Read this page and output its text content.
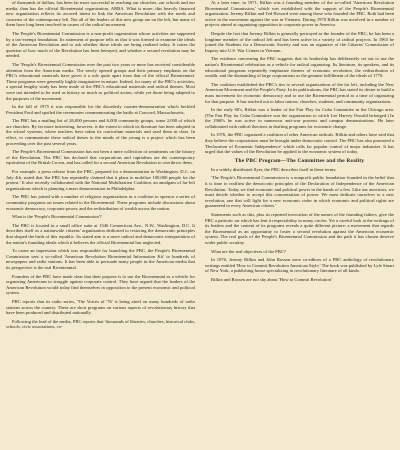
of thousands of dollars, has been far more successful in reaching our churches, our schools and our media, than has the official Bicentennial organization, ARBA. What is more, this heavily financed new organization reflects its avowed intent to link the American Revolution with the needs and concerns of the contemporary left. Not all of the leaders of this new group are on the left, but many of them have long been involved in causes of the radical movement.

The People's Bicentennial Commission is a non-profit organization whose activities are supported by a tax-exempt foundation. Its statement of purpose tells us that it was formed to examine the ideals of the American Revolution and to ask whether those ideals are being realized today. It raises the question of how much of the Revolution has been betrayed, and whether a second revolution may be needed.

The 'People's Bicentennial Commission over the past two years or more has received considerable attention from the American media. The newly opened groups and their primary emphasis on the PBC's educational materials have given it a role quite apart from that of the official Bicentennial. These programs were generally highly imaginative in nature. Indeed, for many of the PBC's activities, a special lengthy study has been made of the PBC's educational materials and radical themes. Most were not intended to be used as history so much as political action, while yet those being adapted to the purposes of the movement.

In the fall of 1975 it was responsible for the disorderly counter-demonstration which heckled President Ford and spoiled the ceremonies commemorating the battle at Concord, Massachusetts.

The PBC has a mailing list of 26,000 persons and 6,000 community groups, some 2,000 of which are churches. By far more interesting, however, is the extent to which its literature has been adopted in the school systems, where teachers have taken its curriculum materials and used them in class. In effect, to communicate these radical theses to the minds of the young is a project which has been proceeding over the past several years.

The People's Bicentennial Commission has not been a mere collection of sentiments on the history of the Revolution. The PBC has declared that corporations and capitalism are the contemporary equivalent of the British Crown, and has called for a second American Revolution to overthrow them.

For example, a press release from the PBC, prepared for a demonstration in Washington, D.C. on July 4th, stated that 'the PBC has repeatedly claimed that it plans to mobilize 100,000 people for the protest.' It also recently collaborated with the National Mobilization Coalition, an amalgam of far-left organizations which is planning a mass demonstration in Philadelphia.

The PBC has joined with a number of religious organizations in a coalition to sponsor a series of community programs on issues related to the Bicentennial. These programs include discussions about economic democracy, corporate power, and the redistribution of wealth across the nation.

What is the 'People's Bicentennial Commission'?

The PBC is located in a small office suite at 1346 Connecticut Ave., N.W., Washington, D.C. It describes itself as a nationwide citizens' organization dedicated to restoring the democratic principles that shaped the birth of this republic. Its stated aim is a more radical and democratic interpretation of the nation's founding ideals which it believes the official Bicentennial has neglected.

To cause an impression which was responsible for launching the PBC, the People's Bicentennial Commission sent a so-called 'American Revolution Bicentennial Information Kit' to hundreds of newspapers and radio stations. It has been able to persuade many people in the American media that its perspective is the real Bicentennial.

Founders of the PBC have made clear that their purpose is to use the Bicentennial as a vehicle for organizing Americans to struggle against corporate control. They have argued that the leaders of the American Revolution would today find themselves in opposition to the present economic and political system.

PBC reports that its radio series, 'The Voices of '76' is being aired on many hundreds of radio stations across the country. These are short programs on various aspects of revolutionary history that have been produced and distributed nationally.

Following the lead of the media, PBC reports that 'thousands of libraries, churches, historical clubs, schools, civic associations, co-

At a later time, in 1971, Rifkin was a founding member of the so-called 'American Revolution Bicentennial Commission,' which was established with the support of the People's Bicentennial organization. Jeremy Rifkin and Ted Howard were among those who founded the PBC. Both had been active in the movement against the war in Vietnam. During 1970 Rifkin was involved in a number of projects aimed at organizing opposition to corporate power in America.

Despite the fact that Jeremy Rifkin is generally portrayed as the founder of the PBC, he has been a longtime member of the radical left and has been active in a variety of radical projects. In 1965 he joined the Students for a Democratic Society and was an organizer of the Citizens' Commission of Inquiry into U.S. War Crimes in Vietnam.

The evidence concerning the PBC suggests that its leadership has deliberately set out to use the nation's Bicentennial celebration as a vehicle for radical organizing. Its literature, its speakers, and its educational programs repeatedly emphasize themes of economic revolution, the redistribution of wealth, and the dismantling of large corporations as the genuine fulfillment of the ideals of 1776.

The coalition established the PBC's ties to several organizations of the far left, including the New American Movement and the People's Party. In its publications, the PBC has stated its desire to build a mass movement for economic democracy and to use the Bicentennial period as a time of organizing for that purpose. It has reached out to labor unions, churches, students, and community organizations.

In the early 60's, Rifkin was a leader of the Fair Play for Cuba Committee in the Chicago area. (The Fair Play for Cuba Committee was the organization to which Lee Harvey Oswald belonged.) In the 1960's he was active in numerous anti-war protests and campus demonstrations. He later collaborated with radical theorists in drafting programs for economic change.

In 1976, the PBC organized a coalition of other American radicals. Rifkin and others have said that they believe the corporations must be brought under democratic control. The PBC has also promoted a 'Declaration of Economic Independence' which calls for popular control of major industries. It has urged that the values of the Revolution be applied to the economic system of today.

The PBC Program—The Committee and the Reality

In a widely distributed flyer, the PBC describes itself in these terms:

'The People's Bicentennial Commission is a nonprofit public foundation founded in the belief that it is time to reaffirm the democratic principles of the Declaration of Independence of the American Revolution. Today we find economic and political power in the hands of a few. Like our ancestors, we must decide whether to accept this concentration of power. We must dedicate ourselves to a new revolution, one that will fight for a new economic order in which economic and political rights are guaranteed to every American citizen.'

Statements such as this, plus its repeated invocation of the names of the founding fathers, give the PBC a patriotic air which has lent it respectability in many circles. Yet a careful look at the writings of its leaders and the content of its programs reveals a quite different picture: a movement that regards the Bicentennial as an opportunity to foster a second revolution against the American economic system. The real goals of the People's Bicentennial Commission and the path it has chosen deserve wider public scrutiny.

What are the real objectives of the PBC?

In 1976, Jeremy Rifkin and John Rossen were co-editors of a PBC anthology of revolutionary writings entitled 'How to Commit Revolution American Style.' The book was published by Lyle Stuart of New York, a publishing house specializing in revolutionary literature of all kinds.

Rifkin and Rossen are not shy about 'How to Commit Revolution'
